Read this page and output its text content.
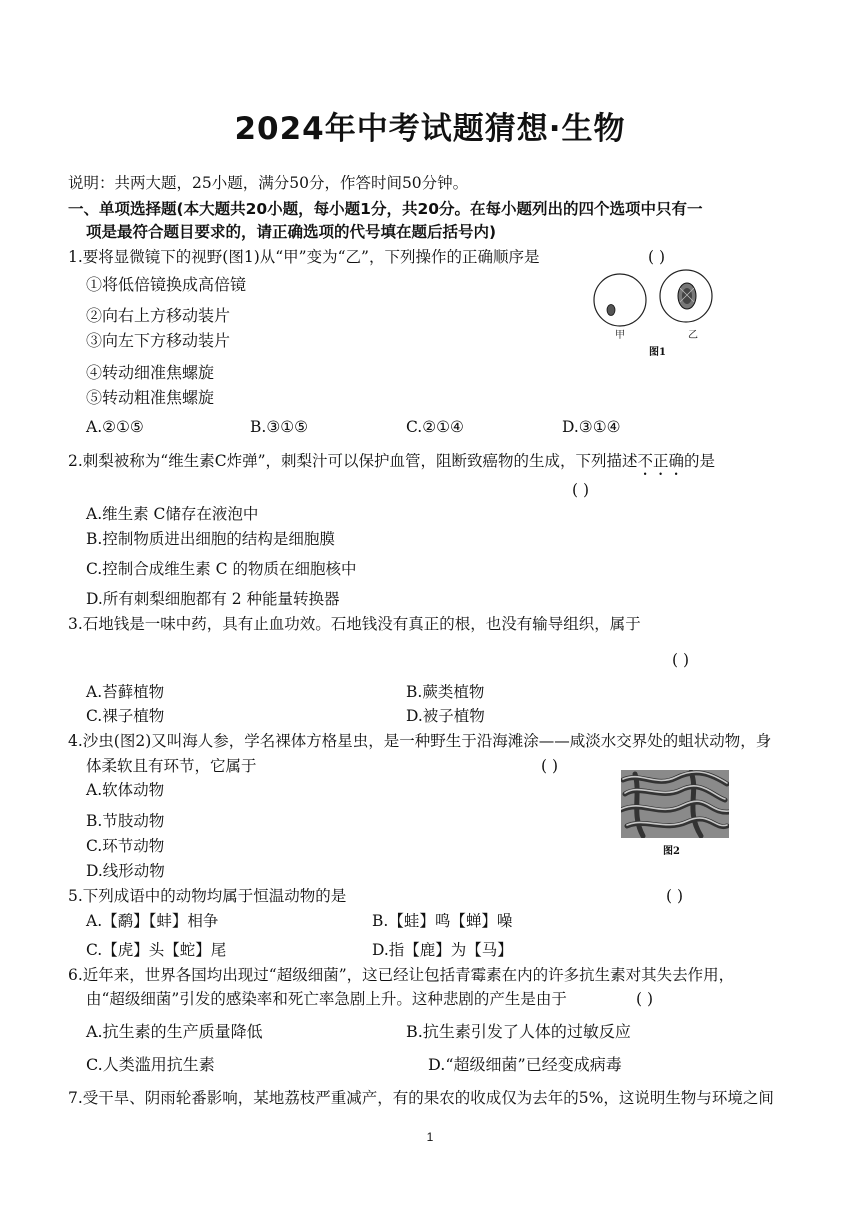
2024年中考试题猜想·生物
说明：共两大题，25小题，满分50分，作答时间50分钟。
一、单项选择题(本大题共20小题，每小题1分，共20分。在每小题列出的四个选项中只有一
项是最符合题目要求的，请正确选项的代号填在题后括号内)
1.要将显微镜下的视野(图1)从“甲”变为“乙”，下列操作的正确顺序是	( )
①将低倍镜换成高倍镜
②向右上方移动装片
③向左下方移动装片
④转动细准焦螺旋
⑤转动粗准焦螺旋
A.②①⑤	B.③①⑤	C.②①④	D.③①④
甲	乙
图1
2.刺梨被称为“维生素C炸弹”，刺梨汁可以保护血管，阻断致癌物的生成，下列描述不正确的是
( )
A.维生素 C储存在液泡中
B.控制物质进出细胞的结构是细胞膜
C.控制合成维生素 C 的物质在细胞核中
D.所有刺梨细胞都有 2 种能量转换器
3.石地钱是一味中药，具有止血功效。石地钱没有真正的根，也没有输导组织，属于
( )
A.苔藓植物	B.蕨类植物
C.裸子植物	D.被子植物
4.沙虫(图2)又叫海人参，学名裸体方格星虫，是一种野生于沿海滩涂——咸淡水交界处的蛆状动物，身
体柔软且有环节，它属于	( )
A.软体动物
B.节肢动物
C.环节动物
D.线形动物
图2
5.下列成语中的动物均属于恒温动物的是	( )
A.【鹬】【蚌】相争	B.【蛙】鸣【蝉】噪
C.【虎】头【蛇】尾	D.指【鹿】为【马】
6.近年来，世界各国均出现过“超级细菌”，这已经让包括青霉素在内的许多抗生素对其失去作用，
由“超级细菌”引发的感染率和死亡率急剧上升。这种悲剧的产生是由于	( )
A.抗生素的生产质量降低	B.抗生素引发了人体的过敏反应
C.人类滥用抗生素	D.“超级细菌”已经变成病毒
7.受干旱、阴雨轮番影响，某地荔枝严重减产，有的果农的收成仅为去年的5%，这说明生物与环境之间
1
